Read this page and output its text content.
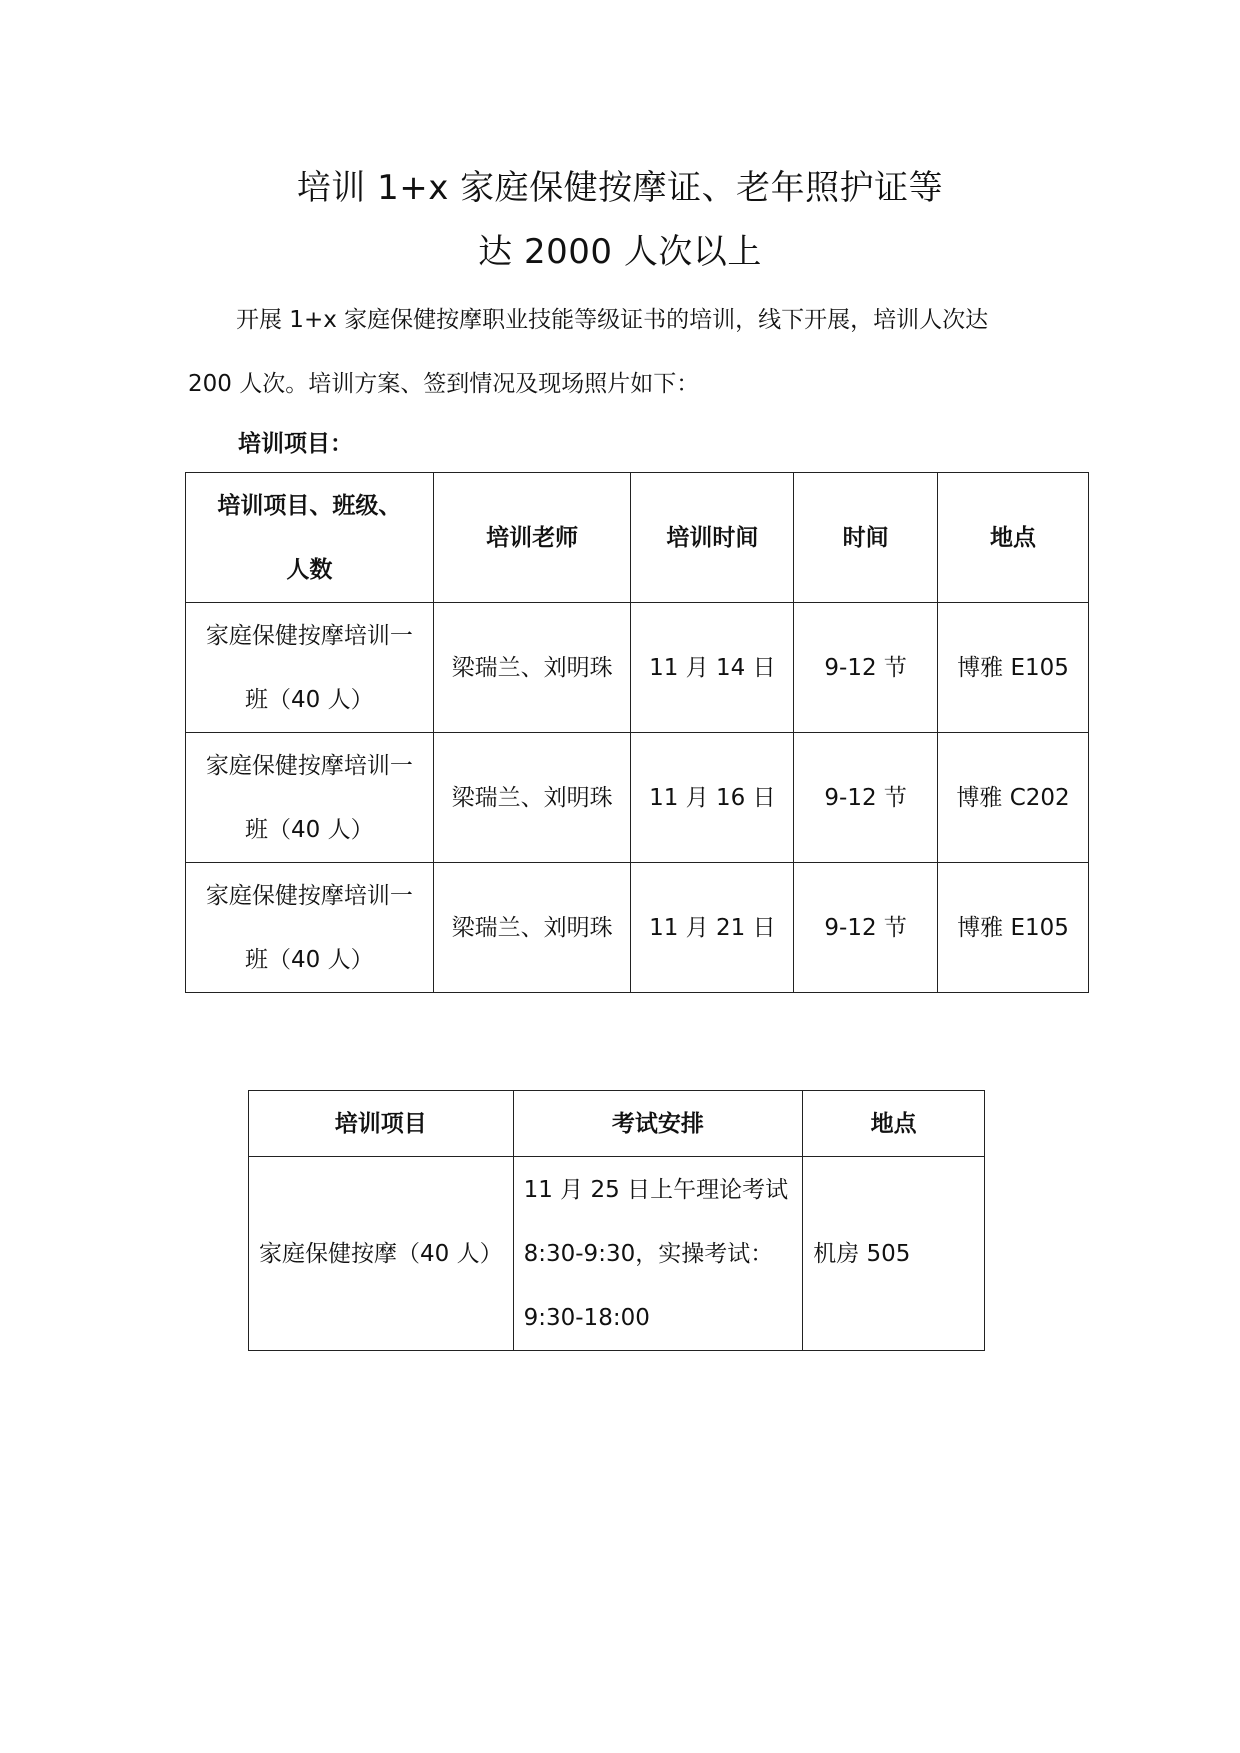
培训 1+x 家庭保健按摩证、老年照护证等
达 2000 人次以上

开展 1+x 家庭保健按摩职业技能等级证书的培训，线下开展，培训人次达
200 人次。培训方案、签到情况及现场照片如下：

培训项目：
培训项目、班级、
人数	培训老师	培训时间	时间	地点
家庭保健按摩培训一
班（40 人）	梁瑞兰、刘明珠	11 月 14 日	9-12 节	博雅 E105
家庭保健按摩培训一
班（40 人）	梁瑞兰、刘明珠	11 月 16 日	9-12 节	博雅 C202
家庭保健按摩培训一
班（40 人）	梁瑞兰、刘明珠	11 月 21 日	9-12 节	博雅 E105
培训项目	考试安排	地点
家庭保健按摩（40 人）	11 月 25 日上午理论考试
8:30-9:30，实操考试：
9:30-18:00	机房 505
